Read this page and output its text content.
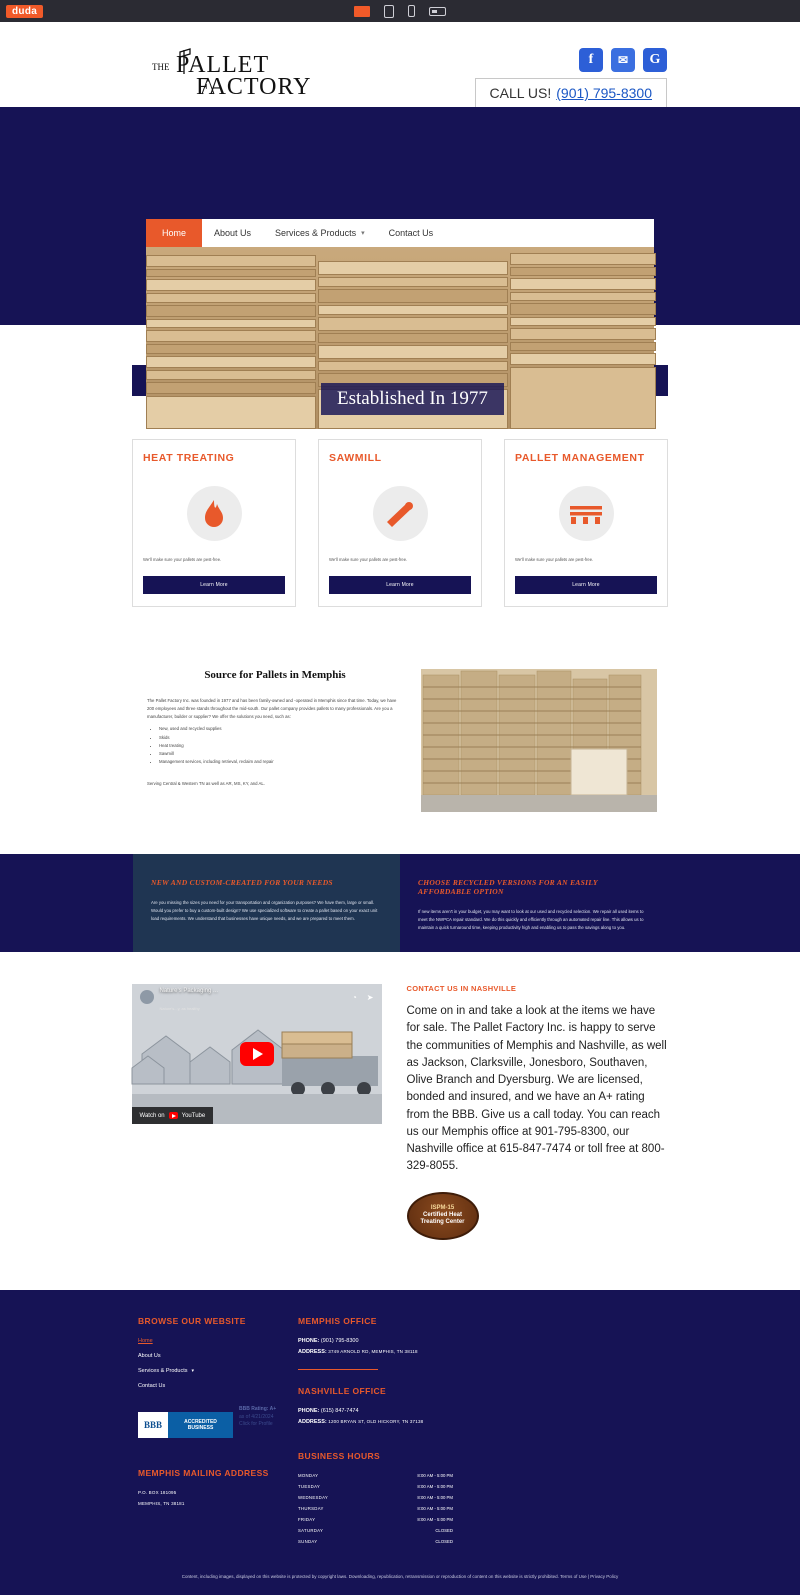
duda
THE PALLET
FACTORY
f	✉	G
CALL US! (901) 795-8300
Home	About Us	Services & Products ▾	Contact Us
Established In 1977
HEAT TREATING

We'll make sure your pallets are pest-free.

Learn More
SAWMILL

We'll make sure your pallets are pest-free.

Learn More
PALLET MANAGEMENT

We'll make sure your pallets are pest-free.

Learn More
Source for Pallets in Memphis

The Pallet Factory Inc. was founded in 1977 and has been family-owned and -operated in Memphis since that time. Today, we have 200 employees and three stands throughout the mid-south. Our pallet company provides pallets to many professionals. Are you a manufacturer, builder or supplier? We offer the solutions you need, such as:

• New, used and recycled supplies
• Skids
• Heat treating
• Sawmill
• Management services, including retrieval, reclaim and repair

Serving Central & Western TN as well as AR, MS, KY, and AL.

NEW AND CUSTOM-CREATED FOR YOUR NEEDS

Are you missing the sizes you need for your transportation and organization purposes? We have them, large or small. Would you prefer to buy a custom-built design? We use specialized software to create a pallet based on your exact unit load requirements. We understand that businesses have unique needs, and we are prepared to meet them.

CHOOSE RECYCLED VERSIONS FOR AN EASILY AFFORDABLE OPTION

If new items aren't in your budget, you may want to look at our used and recycled selection. We repair all used items to meet the NWPCA repair standard. We do this quickly and efficiently through an automated repair line. This allows us to maintain a quick turnaround time, keeping productivity high and enabling us to pass the savings along to you.

Nature's Packaging ...
Nature's...y, as healthy
◔ ➤
Watch on	YouTube
CONTACT US IN NASHVILLE

Come on in and take a look at the items we have for sale. The Pallet Factory Inc. is happy to serve the communities of Memphis and Nashville, as well as Jackson, Clarksville, Jonesboro, Southaven, Olive Branch and Dyersburg. We are licensed, bonded and insured, and we have an A+ rating from the BBB. Give us a call today. You can reach us our Memphis office at 901-795-8300, our Nashville office at 615-847-7474 or toll free at 800-329-8055.

ISPM-15
Certified Heat
Treating Center
BROWSE OUR WEBSITE
Home
About Us
Services & Products ▾
Contact Us
BBB	ACCREDITED
BUSINESS
BBB Rating: A+
as of 4/21/2024
Click for Profile
MEMPHIS MAILING ADDRESS
P.O. BOX 181095
MEMPHIS, TN 38181
MEMPHIS OFFICE
PHONE: (901) 795-8300
ADDRESS: 3749 ARNOLD RD, MEMPHIS, TN 38118
NASHVILLE OFFICE
PHONE: (615) 847-7474
ADDRESS: 1200 BRYAN ST, OLD HICKORY, TN 37138
BUSINESS HOURS
MONDAY	8:00 AM - 5:00 PM
TUESDAY	8:00 AM - 5:00 PM
WEDNESDAY	8:00 AM - 5:00 PM
THURSDAY	8:00 AM - 5:00 PM
FRIDAY	8:00 AM - 5:00 PM
SATURDAY	CLOSED
SUNDAY	CLOSED
Content, including images, displayed on this website is protected by copyright laws. Downloading, republication, retransmission or reproduction of content on this website is strictly prohibited. Terms of Use | Privacy Policy
